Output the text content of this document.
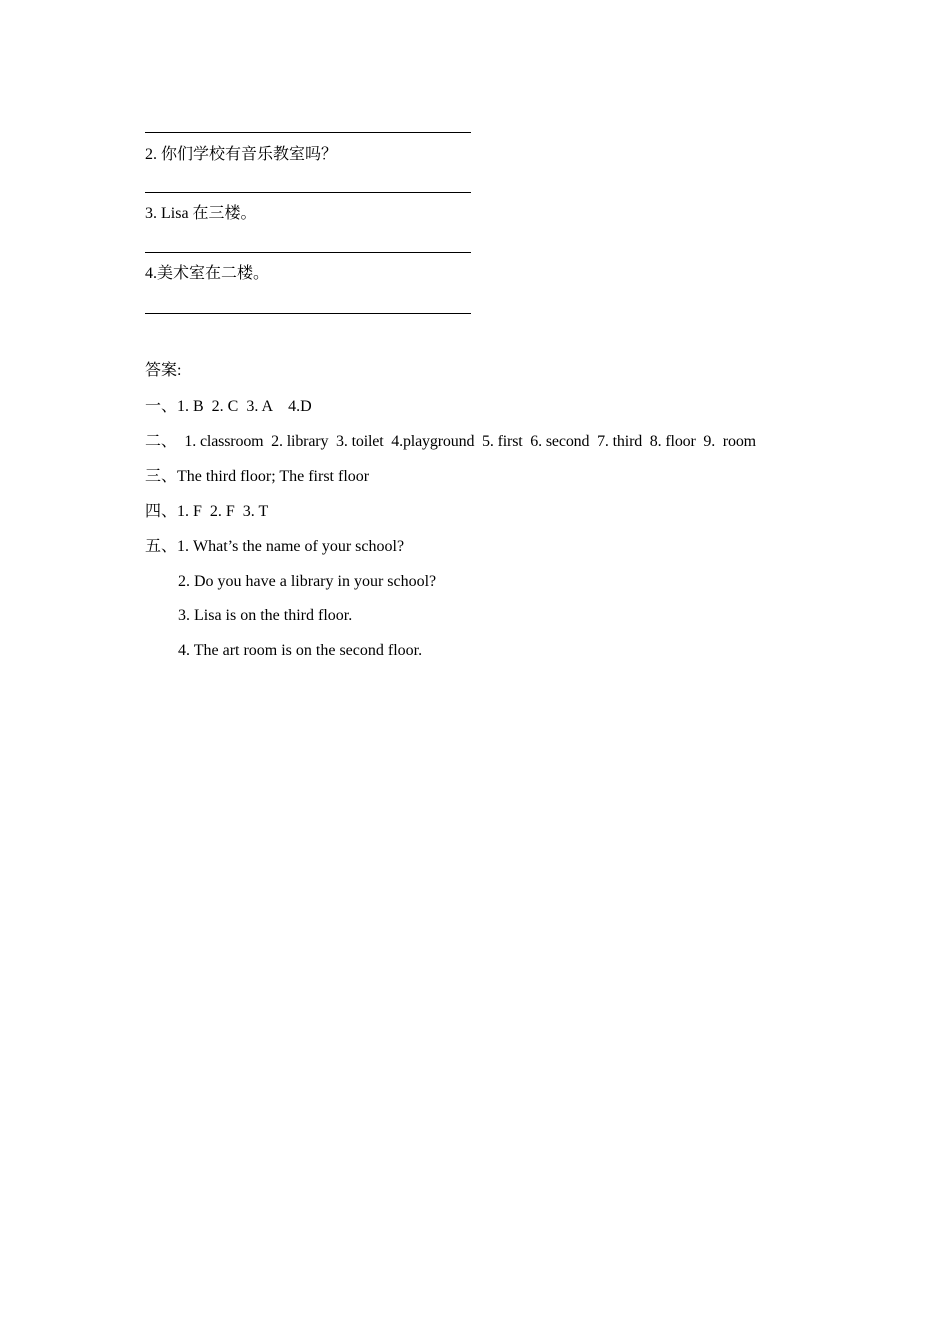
2. 你们学校有音乐教室吗？
3. Lisa 在三楼。
4.美术室在二楼。
答案:
一、1. B  2. C  3. A    4.D
二、  1. classroom  2. library  3. toilet  4.playground  5. first  6. second  7. third  8. floor  9.  room
三、The third floor; The first floor
四、1. F  2. F  3. T
五、1. What’s the name of your school?
2. Do you have a library in your school?
3. Lisa is on the third floor.
4. The art room is on the second floor.
